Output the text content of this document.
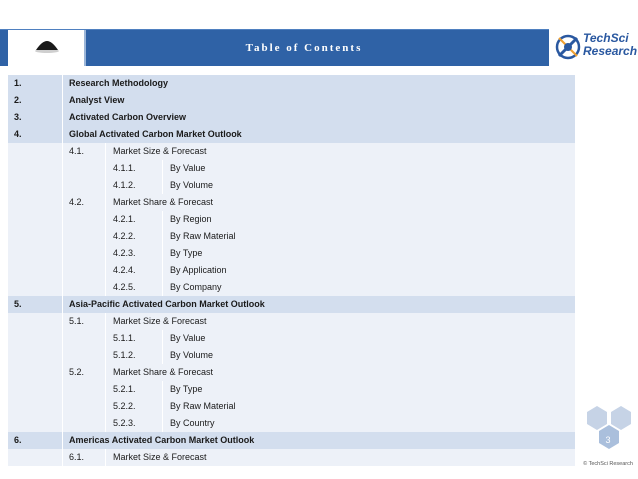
Table of Contents
TechSci
Research
1.	Research Methodology
2.	Analyst View
3.	Activated Carbon Overview
4.	Global Activated Carbon Market Outlook
4.1.	Market Size & Forecast
4.1.1.	By Value
4.1.2.	By Volume
4.2.	Market Share & Forecast
4.2.1.	By Region
4.2.2.	By Raw Material
4.2.3.	By Type
4.2.4.	By Application
4.2.5.	By Company
5.	Asia-Pacific Activated Carbon Market Outlook
5.1.	Market Size & Forecast
5.1.1.	By Value
5.1.2.	By Volume
5.2.	Market Share & Forecast
5.2.1.	By Type
5.2.2.	By Raw Material
5.2.3.	By Country
6.	Americas Activated Carbon Market Outlook
6.1.	Market Size & Forecast
3
© TechSci Research
